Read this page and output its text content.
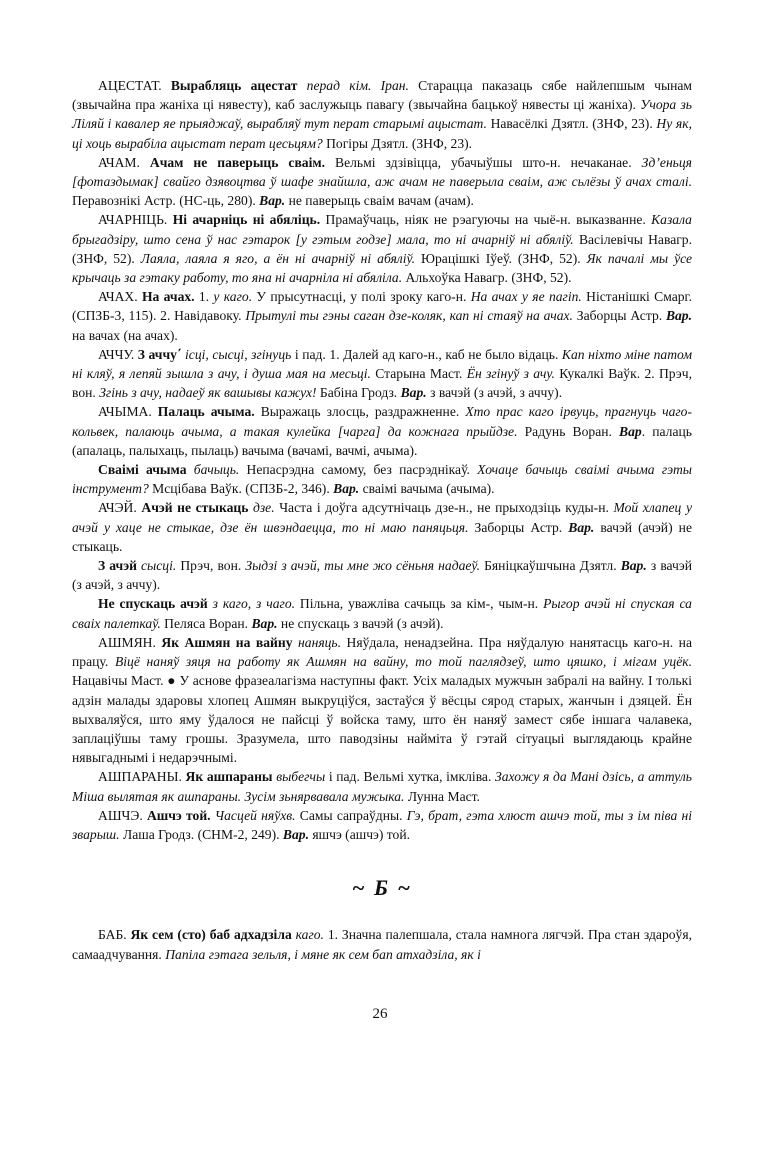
АЦЕСТАТ. Вырабляць ацестат перад кім. Іран. Старацца паказаць сябе найлепшым чынам (звычайна пра жаніха ці нявесту), каб заслужыць павагу (звычайна бацькоў нявесты ці жаніха). Учора зь Ліляй і кавалер яе прыяджаў, вырабляў тут перат старымі ацыстат. Навасёлкі Дзятл. (ЗНФ, 23). Ну як, ці хоць вырабіла ацыстат перат цесьцям? Погіры Дзятл. (ЗНФ, 23).

АЧАМ. Ачам не паверыць сваім. Вельмі здзівіцца, убачыўшы што-н. нечаканае. Зд’еньця [фотаздымак] свайго дзявоцтва ў шафе знайшла, аж ачам не паверыла сваім, аж сьлёзы ў ачах сталі. Перавознікі Астр. (НС-ць, 280). Вар. не паверыць сваім вачам (ачам).

АЧАРНІЦЬ. Ні ачарніць ні абяліць. Прамаўчаць, ніяк не рэагуючы на чыё-н. выказванне. Казала брыгадзіру, што сена ў нас гэтарок [у гэтым годзе] мала, то ні ачарніў ні абяліў. Васілевічы Навагр. (ЗНФ, 52). Лаяла, лаяла я яго, а ён ні ачарніў ні абяліў. Юрацішкі Іўеў. (ЗНФ, 52). Як пачалі мы ўсе крычаць за гэтаку работу, то яна ні ачарніла ні абяліла. Альхоўка Навагр. (ЗНФ, 52).

АЧАХ. На ачах. 1. у каго. У прысутнасці, у полі зроку каго-н. На ачах у яе пагіп. Ністанішкі Смарг. (СПЗБ-3, 115). 2. Навідавоку. Прытулі ты гэны саган дзе-коляк, кап ні стаяў на ачах. Заборцы Астр. Вар. на вачах (на ачах).

АЧЧУ. З аччу΄ ісці, сысці, згінуць і пад. 1. Далей ад каго-н., каб не было відаць. Кап ніхто міне патом ні кляў, я лепяй зышла з ачу, і душа мая на месьці. Старына Маст. Ён згінуў з ачу. Кукалкі Ваўк. 2. Прэч, вон. Згінь з ачу, надаеў як вашывы кажух! Бабіна Гродз. Вар. з вачэй (з ачэй, з аччу).

АЧЫМА. Палаць ачыма. Выражаць злосць, раздражненне. Хто прас каго ірвуць, прагнуць чаго-кольвек, палаюць ачыма, а такая кулейка [чарга] да кожнага прыйдзе. Радунь Воран. Вар. палаць (апалаць, палыхаць, пылаць) вачыма (вачамі, вачмі, ачыма).

Сваімі ачыма бачыць. Непасрэдна самому, без пасрэднікаў. Хочаце бачыць сваімі ачыма гэты інструмент? Мсцібава Ваўк. (СПЗБ-2, 346). Вар. сваімі вачыма (ачыма).

АЧЭЙ. Ачэй не стыкаць дзе. Часта і доўга адсутнічаць дзе-н., не прыходзіць куды-н. Мой хлапец у ачэй у хаце не стыкае, дзе ён швэндаецца, то ні маю паняцьця. Заборцы Астр. Вар. вачэй (ачэй) не стыкаць.

З ачэй сысці. Прэч, вон. Зыдзі з ачэй, ты мне жо сёньня надаеў. Бяніцкаўшчына Дзятл. Вар. з вачэй (з ачэй, з аччу).

Не спускаць ачэй з каго, з чаго. Пільна, уважліва сачыць за кім-, чым-н. Рыгор ачэй ні спуская са сваіх палеткаў. Пеляса Воран. Вар. не спускаць з вачэй (з ачэй).

АШМЯН. Як Ашмян на вайну наняць. Няўдала, ненадзейна. Пра няўдалую нанятасць каго-н. на працу. Віцё наняў зяця на работу як Ашмян на вайну, то той паглядзеў, што цяшко, і мігам уцёк. Нацавічы Маст. ● У аснове фразеалагізма наступны факт. Усіх маладых мужчын забралі на вайну. І толькі адзін малады здаровы хлопец Ашмян выкруціўся, застаўся ў вёсцы сярод старых, жанчын і дзяцей. Ён выхваляўся, што яму ўдалося не пайсці ў войска таму, што ён наняў замест сябе іншага чалавека, заплаціўшы таму грошы. Зразумела, што паводзіны найміта ў гэтай сітуацыі выглядаюць крайне нявыгаднымі і недарэчнымі.

АШПАРАНЫ. Як ашпараны выбегчы і пад. Вельмі хутка, імкліва. Захожу я да Мані дзісь, а аттуль Міша вылятая як ашпараны. Зусім зьнярвавала мужыка. Лунна Маст.

АШЧЭ. Ашчэ той. Часцей няўхв. Самы сапраўдны. Гэ, брат, гэта хлюст ашчэ той, ты з ім піва ні зварыш. Лаша Гродз. (СНМ-2, 249). Вар. яшчэ (ашчэ) той.

~ Б ~

БАБ. Як сем (сто) баб адхадзіла каго. 1. Значна палепшала, стала намнога лягчэй. Пра стан здароўя, самаадчування. Папіла гэтага зельля, і мяне як сем бап атхадзіла, як і

26
